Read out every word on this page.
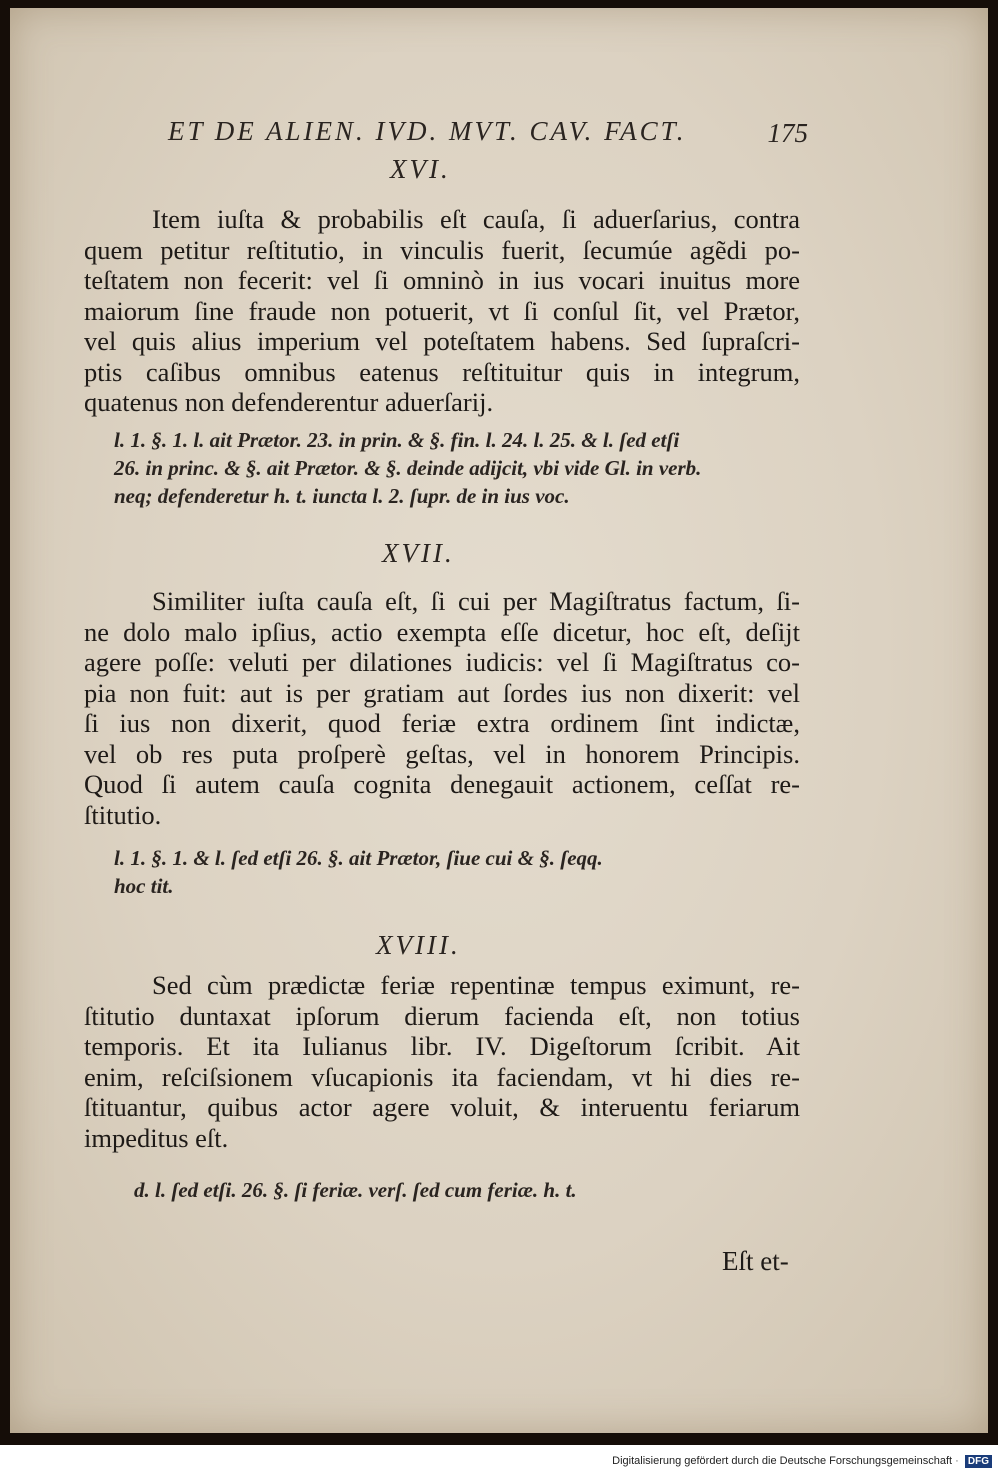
ET DE ALIEN. IVD. MVT. CAV. FACT.	175
XVI.
Item iuſta & probabilis eſt cauſa, ſi aduerſarius, contra
quem petitur reſtitutio, in vinculis fuerit, ſecumúe agẽdi po-
teſtatem non fecerit: vel ſi omninò in ius vocari inuitus more
maiorum ſine fraude non potuerit, vt ſi conſul ſit, vel Prætor,
vel quis alius imperium vel poteſtatem habens. Sed ſupraſcri-
ptis caſibus omnibus eatenus reſtituitur quis in integrum,
quatenus non defenderentur aduerſarij.
l. 1. §. 1. l. ait Prætor. 23. in prin. & §. fin. l. 24. l. 25. & l. ſed etſi
26. in princ. & §. ait Prætor. & §. deinde adijcit, vbi vide Gl. in verb.
neq; defenderetur h. t. iuncta l. 2. ſupr. de in ius voc.
XVII.
Similiter iuſta cauſa eſt, ſi cui per Magiſtratus factum, ſi-
ne dolo malo ipſius, actio exempta eſſe dicetur, hoc eſt, deſijt
agere poſſe: veluti per dilationes iudicis: vel ſi Magiſtratus co-
pia non fuit: aut is per gratiam aut ſordes ius non dixerit: vel
ſi ius non dixerit, quod feriæ extra ordinem ſint indictæ,
vel ob res puta proſperè geſtas, vel in honorem Principis.
Quod ſi autem cauſa cognita denegauit actionem, ceſſat re-
ſtitutio.
l. 1. §. 1. & l. ſed etſi 26. §. ait Prætor, ſiue cui & §. ſeqq.
hoc tit.
XVIII.
Sed cùm prædictæ feriæ repentinæ tempus eximunt, re-
ſtitutio duntaxat ipſorum dierum facienda eſt, non totius
temporis. Et ita Iulianus libr. IV. Digeſtorum ſcribit. Ait
enim, reſciſsionem vſucapionis ita faciendam, vt hi dies re-
ſtituantur, quibus actor agere voluit, & interuentu feriarum
impeditus eſt.
d. l. ſed etſi. 26. §. ſi feriæ. verſ. ſed cum feriæ. h. t.
Eſt et-
Digitalisierung gefördert durch die Deutsche Forschungsgemeinschaft · DFG
